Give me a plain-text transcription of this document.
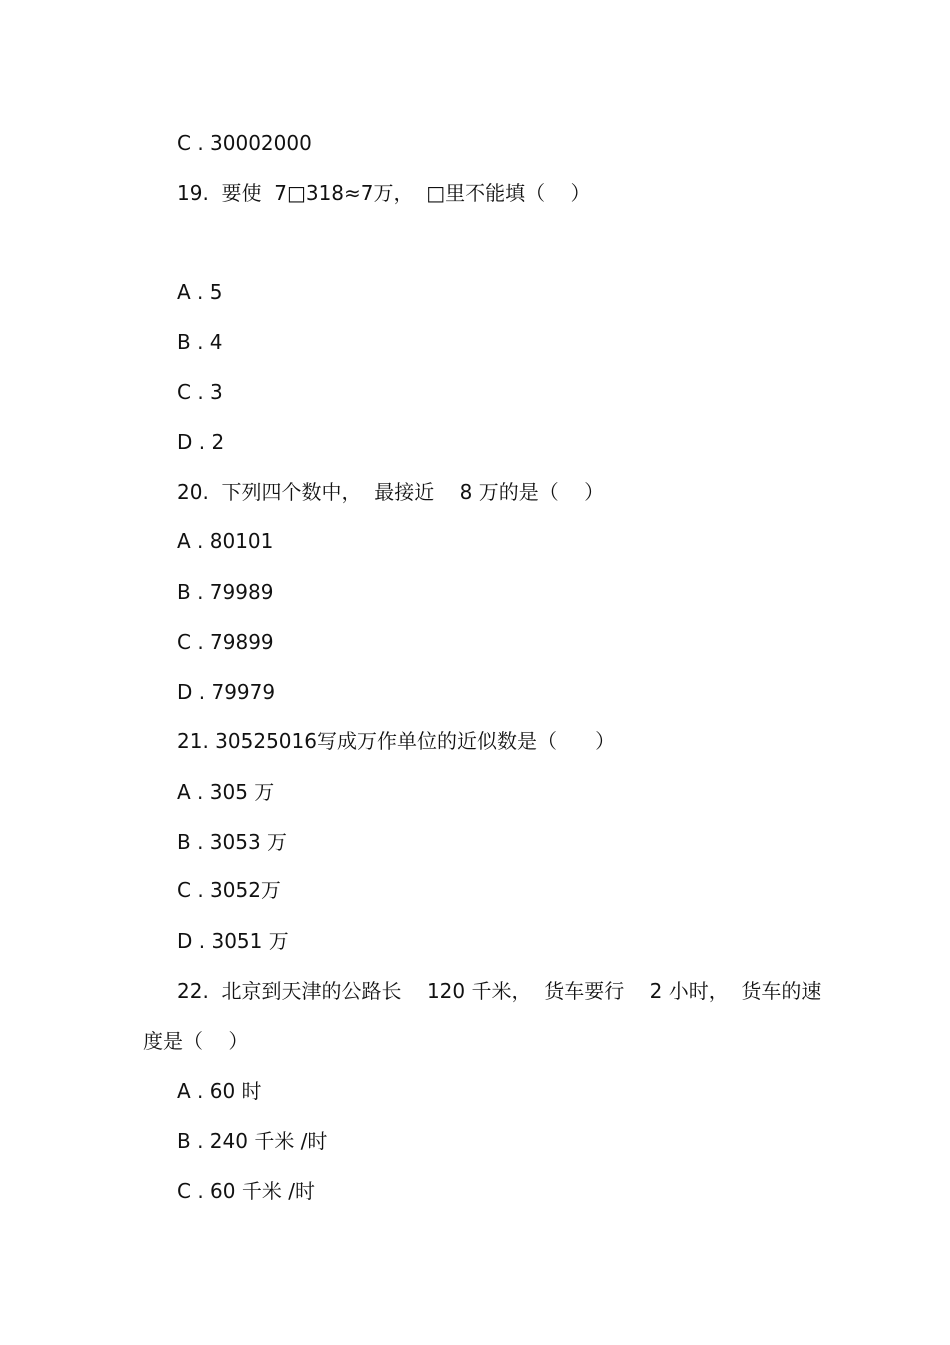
C . 30002000
19.  要使  7□318≈7万，  □里不能填（    ）
A . 5
B . 4
C . 3
D . 2
20.  下列四个数中，  最接近    8 万的是（    ）
A . 80101
B . 79989
C . 79899
D . 79979
21. 30525016写成万作单位的近似数是（      ）
A . 305 万
B . 3053 万
C . 3052万
D . 3051 万
22.  北京到天津的公路长    120 千米，  货车要行    2 小时，  货车的速
度是（    ）
A . 60 时
B . 240 千米 /时
C . 60 千米 /时
